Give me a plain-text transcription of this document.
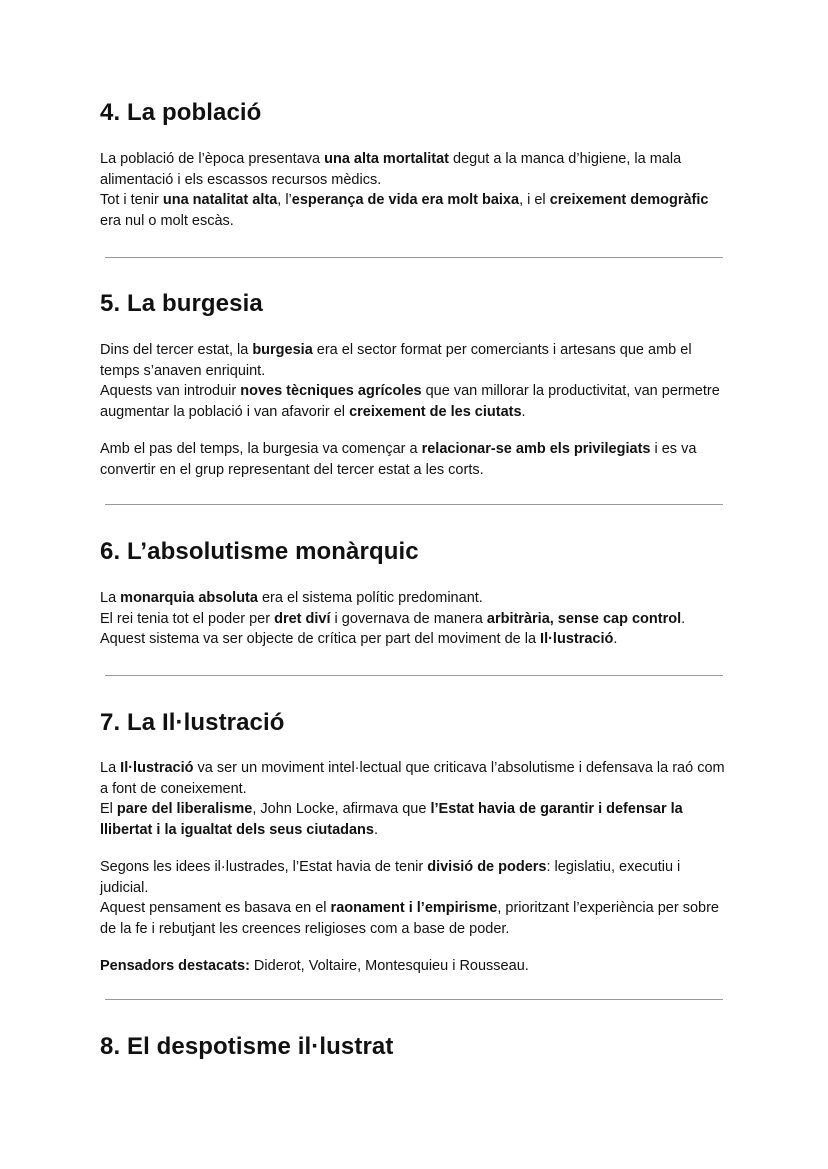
4. La població

La població de l’època presentava una alta mortalitat degut a la manca d’higiene, la mala alimentació i els escassos recursos mèdics.
Tot i tenir una natalitat alta, l’esperança de vida era molt baixa, i el creixement demogràfic era nul o molt escàs.

5. La burgesia

Dins del tercer estat, la burgesia era el sector format per comerciants i artesans que amb el temps s’anaven enriquint.
Aquests van introduir noves tècniques agrícoles que van millorar la productivitat, van permetre augmentar la població i van afavorir el creixement de les ciutats.

Amb el pas del temps, la burgesia va començar a relacionar-se amb els privilegiats i es va convertir en el grup representant del tercer estat a les corts.

6. L’absolutisme monàrquic

La monarquia absoluta era el sistema polític predominant.
El rei tenia tot el poder per dret diví i governava de manera arbitrària, sense cap control.
Aquest sistema va ser objecte de crítica per part del moviment de la Il·lustració.

7. La Il·lustració

La Il·lustració va ser un moviment intel·lectual que criticava l’absolutisme i defensava la raó com a font de coneixement.
El pare del liberalisme, John Locke, afirmava que l’Estat havia de garantir i defensar la llibertat i la igualtat dels seus ciutadans.

Segons les idees il·lustrades, l’Estat havia de tenir divisió de poders: legislatiu, executiu i judicial.
Aquest pensament es basava en el raonament i l’empirisme, prioritzant l’experiència per sobre de la fe i rebutjant les creences religioses com a base de poder.

Pensadors destacats: Diderot, Voltaire, Montesquieu i Rousseau.

8. El despotisme il·lustrat
